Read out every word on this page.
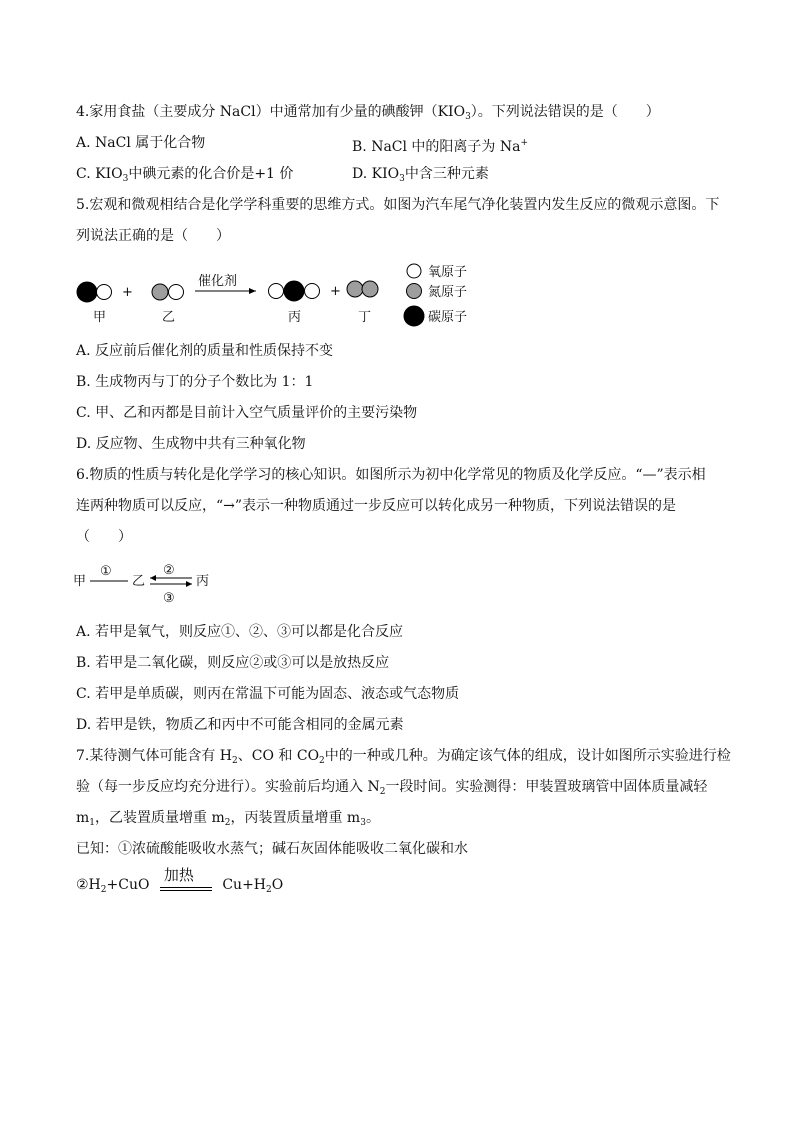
4.家用食盐（主要成分 NaCl）中通常加有少量的碘酸钾$(KIO_3)$。下列说法错误的是（　　）
A. NaCl 属于化合物	B. NaCl 中的阳离子为 Na+
C. $KIO_3$中碘元素的化合价是+1 价	D. $KIO_3$中含三种元素
5.宏观和微观相结合是化学学科重要的思维方式。如图为汽车尾气净化装置内发生反应的微观示意图。下
列说法正确的是（　　）
+
催化剂
+
甲	乙	丙	丁
氧原子
氮原子
碳原子
A. 反应前后催化剂的质量和性质保持不变
B. 生成物丙与丁的分子个数比为 1：1
C. 甲、乙和丙都是目前计入空气质量评价的主要污染物
D. 反应物、生成物中共有三种氧化物
6.物质的性质与转化是化学学习的核心知识。如图所示为初中化学常见的物质及化学反应。“—”表示相
连两种物质可以反应，“→”表示一种物质通过一步反应可以转化成另一种物质，下列说法错误的是
（　　）
甲
①
乙
②
③
丙
A. 若甲是氧气，则反应①、②、③可以都是化合反应
B. 若甲是二氧化碳，则反应②或③可以是放热反应
C. 若甲是单质碳，则丙在常温下可能为固态、液态或气态物质
D. 若甲是铁，物质乙和丙中不可能含相同的金属元素
7.某待测气体可能含有 $H_2$、CO 和 $CO_2$中的一种或几种。为确定该气体的组成，设计如图所示实验进行检
验（每一步反应均充分进行）。实验前后均通入 $N_2$一段时间。实验测得：甲装置玻璃管中固体质量减轻
$m_1$，乙装置质量增重 $m_2$，丙装置质量增重 $m_3$。
已知：①浓硫酸能吸收水蒸气；碱石灰固体能吸收二氧化碳和水
$②H_2+CuO$
加热
$Cu+H_2O$
